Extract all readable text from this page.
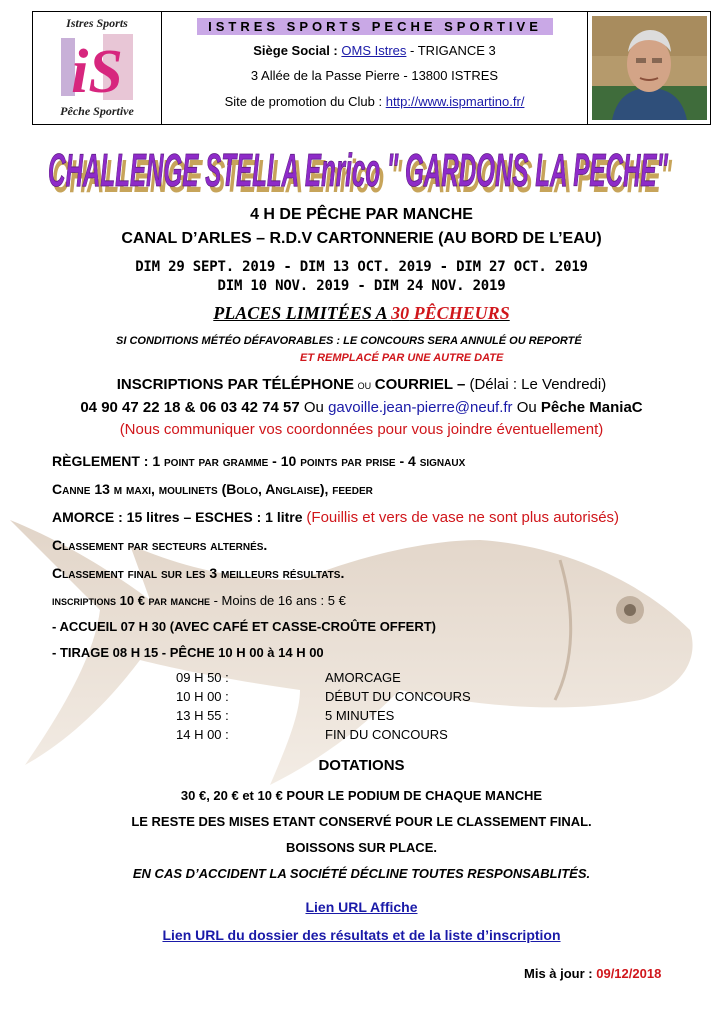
Istres Sports
iS
Pêche Sportive
ISTRES SPORTS PECHE SPORTIVE
Siège Social : OMS Istres - TRIGANCE 3
3 Allée de la Passe Pierre - 13800 ISTRES
Site de promotion du Club : http://www.ispmartino.fr/
CHALLENGE STELLA Enrico " GARDONS LA PECHE"
CHALLENGE STELLA Enrico " GARDONS LA PECHE"
4 H DE PÊCHE PAR MANCHE
CANAL D’ARLES – R.D.V CARTONNERIE (AU BORD DE L’EAU)
DIM 29 SEPT. 2019 - DIM 13 OCT. 2019 - DIM 27 OCT. 2019
DIM 10 NOV. 2019 - DIM 24 NOV. 2019
PLACES LIMITÉES A 30 PÊCHEURS
SI CONDITIONS MÉTÉO DÉFAVORABLES : LE CONCOURS SERA ANNULÉ OU REPORTÉ
ET REMPLACÉ PAR UNE AUTRE DATE
INSCRIPTIONS PAR TÉLÉPHONE ou COURRIEL – (Délai : Le Vendredi)
04 90 47 22 18 & 06 03 42 74 57 Ou gavoille.jean-pierre@neuf.fr Ou Pêche ManiaC
(Nous communiquer vos coordonnées pour vous joindre éventuellement)
RÈGLEMENT : 1 point par gramme - 10 points par prise - 4 signaux
Canne 13 m maxi, moulinets (Bolo, Anglaise), feeder
AMORCE : 15 litres – ESCHES : 1 litre (Fouillis et vers de vase ne sont plus autorisés)
Classement par secteurs alternés.
Classement final sur les 3 meilleurs résultats.
inscriptions 10 € par manche - Moins de 16 ans : 5 €
- ACCUEIL 07 H 30 (AVEC CAFÉ ET CASSE-CROÛTE OFFERT)
- TIRAGE 08 H 15 - PÊCHE 10 H 00 à 14 H 00
09 H 50 :	AMORCAGE
10 H 00 :	DÉBUT DU CONCOURS
13 H 55 :	5 MINUTES
14 H 00 :	FIN DU CONCOURS
DOTATIONS
30 €, 20 € et 10 € POUR LE PODIUM DE CHAQUE MANCHE
LE RESTE DES MISES ETANT CONSERVÉ POUR LE CLASSEMENT FINAL.
BOISSONS SUR PLACE.
EN CAS D’ACCIDENT LA SOCIÉTÉ DÉCLINE TOUTES RESPONSABLITÉS.
Lien URL Affiche
Lien URL du dossier des résultats et de la liste d’inscription
Mis à jour : 09/12/2018
